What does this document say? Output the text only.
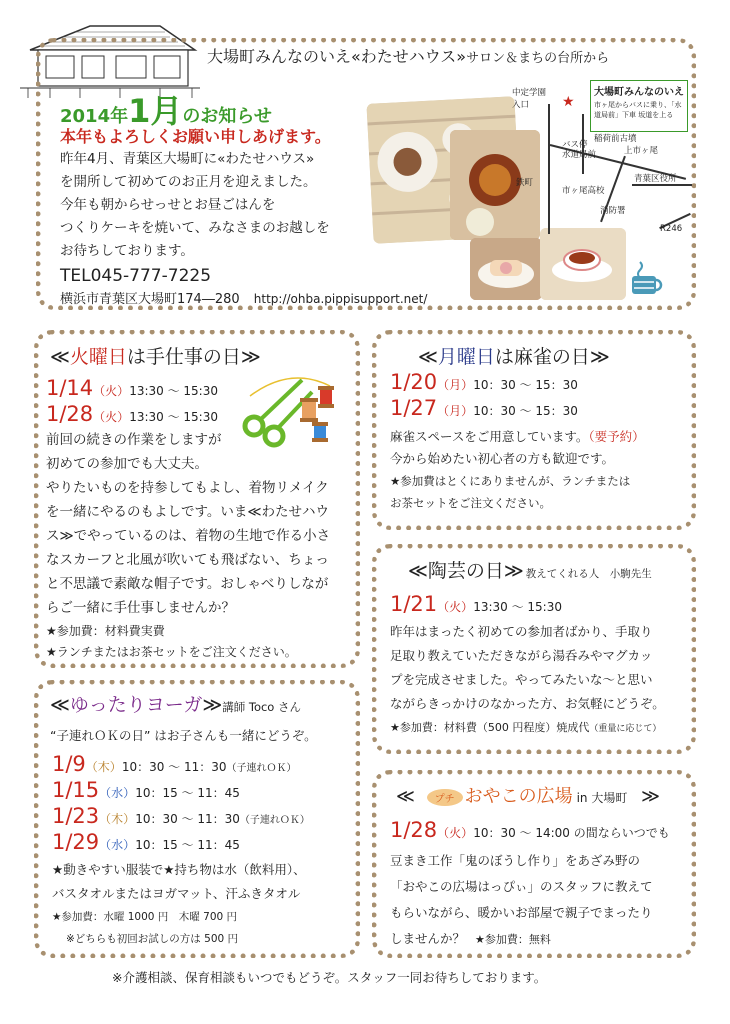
大場町みんなのいえ«わたせハウス»サロン＆まちの台所から
2014年1月のお知らせ
本年もよろしくお願い申しあげます。
昨年4月、青葉区大場町に«わたせハウス»
を開所して初めてのお正月を迎えました。
今年も朝からせっせとお昼ごはんを
つくりケーキを焼いて、みなさまのお越しを
お待ちしております。
TEL045-777-7225
横浜市青葉区大場町174―280 http://ohba.pippisupport.net/
大場町みんなのいえ
市ヶ尾からバスに乗り、「水道局前」下車 坂道を上る
★
中定学園入口
バス停
水道局前
稲荷前古墳
上市ヶ尾
鉄町
市ヶ尾高校
青葉区役所
消防署
R246
≪火曜日は手仕事の日≫
1/14（火）13:30 〜 15:30
1/28（火）13:30 〜 15:30
前回の続きの作業をしますが
初めての参加でも大丈夫。
やりたいものを持参してもよし、着物リメイク
を一緒にやるのもよしです。いま≪わたせハウ
ス≫でやっているのは、着物の生地で作る小さ
なスカーフと北風が吹いても飛ばない、ちょっ
と不思議で素敵な帽子です。おしゃべりしなが
らご一緒に手仕事しませんか？
★参加費：材料費実費
★ランチまたはお茶セットをご注文ください。
≪月曜日は麻雀の日≫
1/20（月）10：30 〜 15：30
1/27（月）10：30 〜 15：30
麻雀スペースをご用意しています。（要予約）
今から始めたい初心者の方も歓迎です。
★参加費はとくにありませんが、ランチまたは
お茶セットをご注文ください。
≪陶芸の日≫ 教えてくれる人　小駒先生
1/21（火）13:30 〜 15:30
昨年はまったく初めての参加者ばかり、手取り
足取り教えていただきながら湯呑みやマグカッ
プを完成させました。やってみたいな〜と思い
ながらきっかけのなかった方、お気軽にどうぞ。
★参加費：材料費（500 円程度）焼成代（重量に応じて）
≪ゆったりヨーガ≫講師 Toco さん
“子連れＯＫの日” はお子さんも一緒にどうぞ。
1/9（木）10：30 〜 11：30（子連れＯＫ）
1/15（水）10：15 〜 11：45
1/23（木）10：30 〜 11：30（子連れＯＫ）
1/29（水）10：15 〜 11：45
★動きやすい服装で★持ち物は水（飲料用）、
バスタオルまたはヨガマット、汗ふきタオル
★参加費：水曜 1000 円　木曜 700 円
※どちらも初回お試しの方は 500 円
≪ プチ おやこの広場 in 大場町 ≫
1/28（火）10：30 〜 14:00 の間ならいつでも
豆まき工作「鬼のぼうし作り」をあざみ野の
「おやこの広場はっぴぃ」のスタッフに教えて
もらいながら、暖かいお部屋で親子でまったり
しませんか？ ★参加費：無料
※介護相談、保育相談もいつでもどうぞ。スタッフ一同お待ちしております。
